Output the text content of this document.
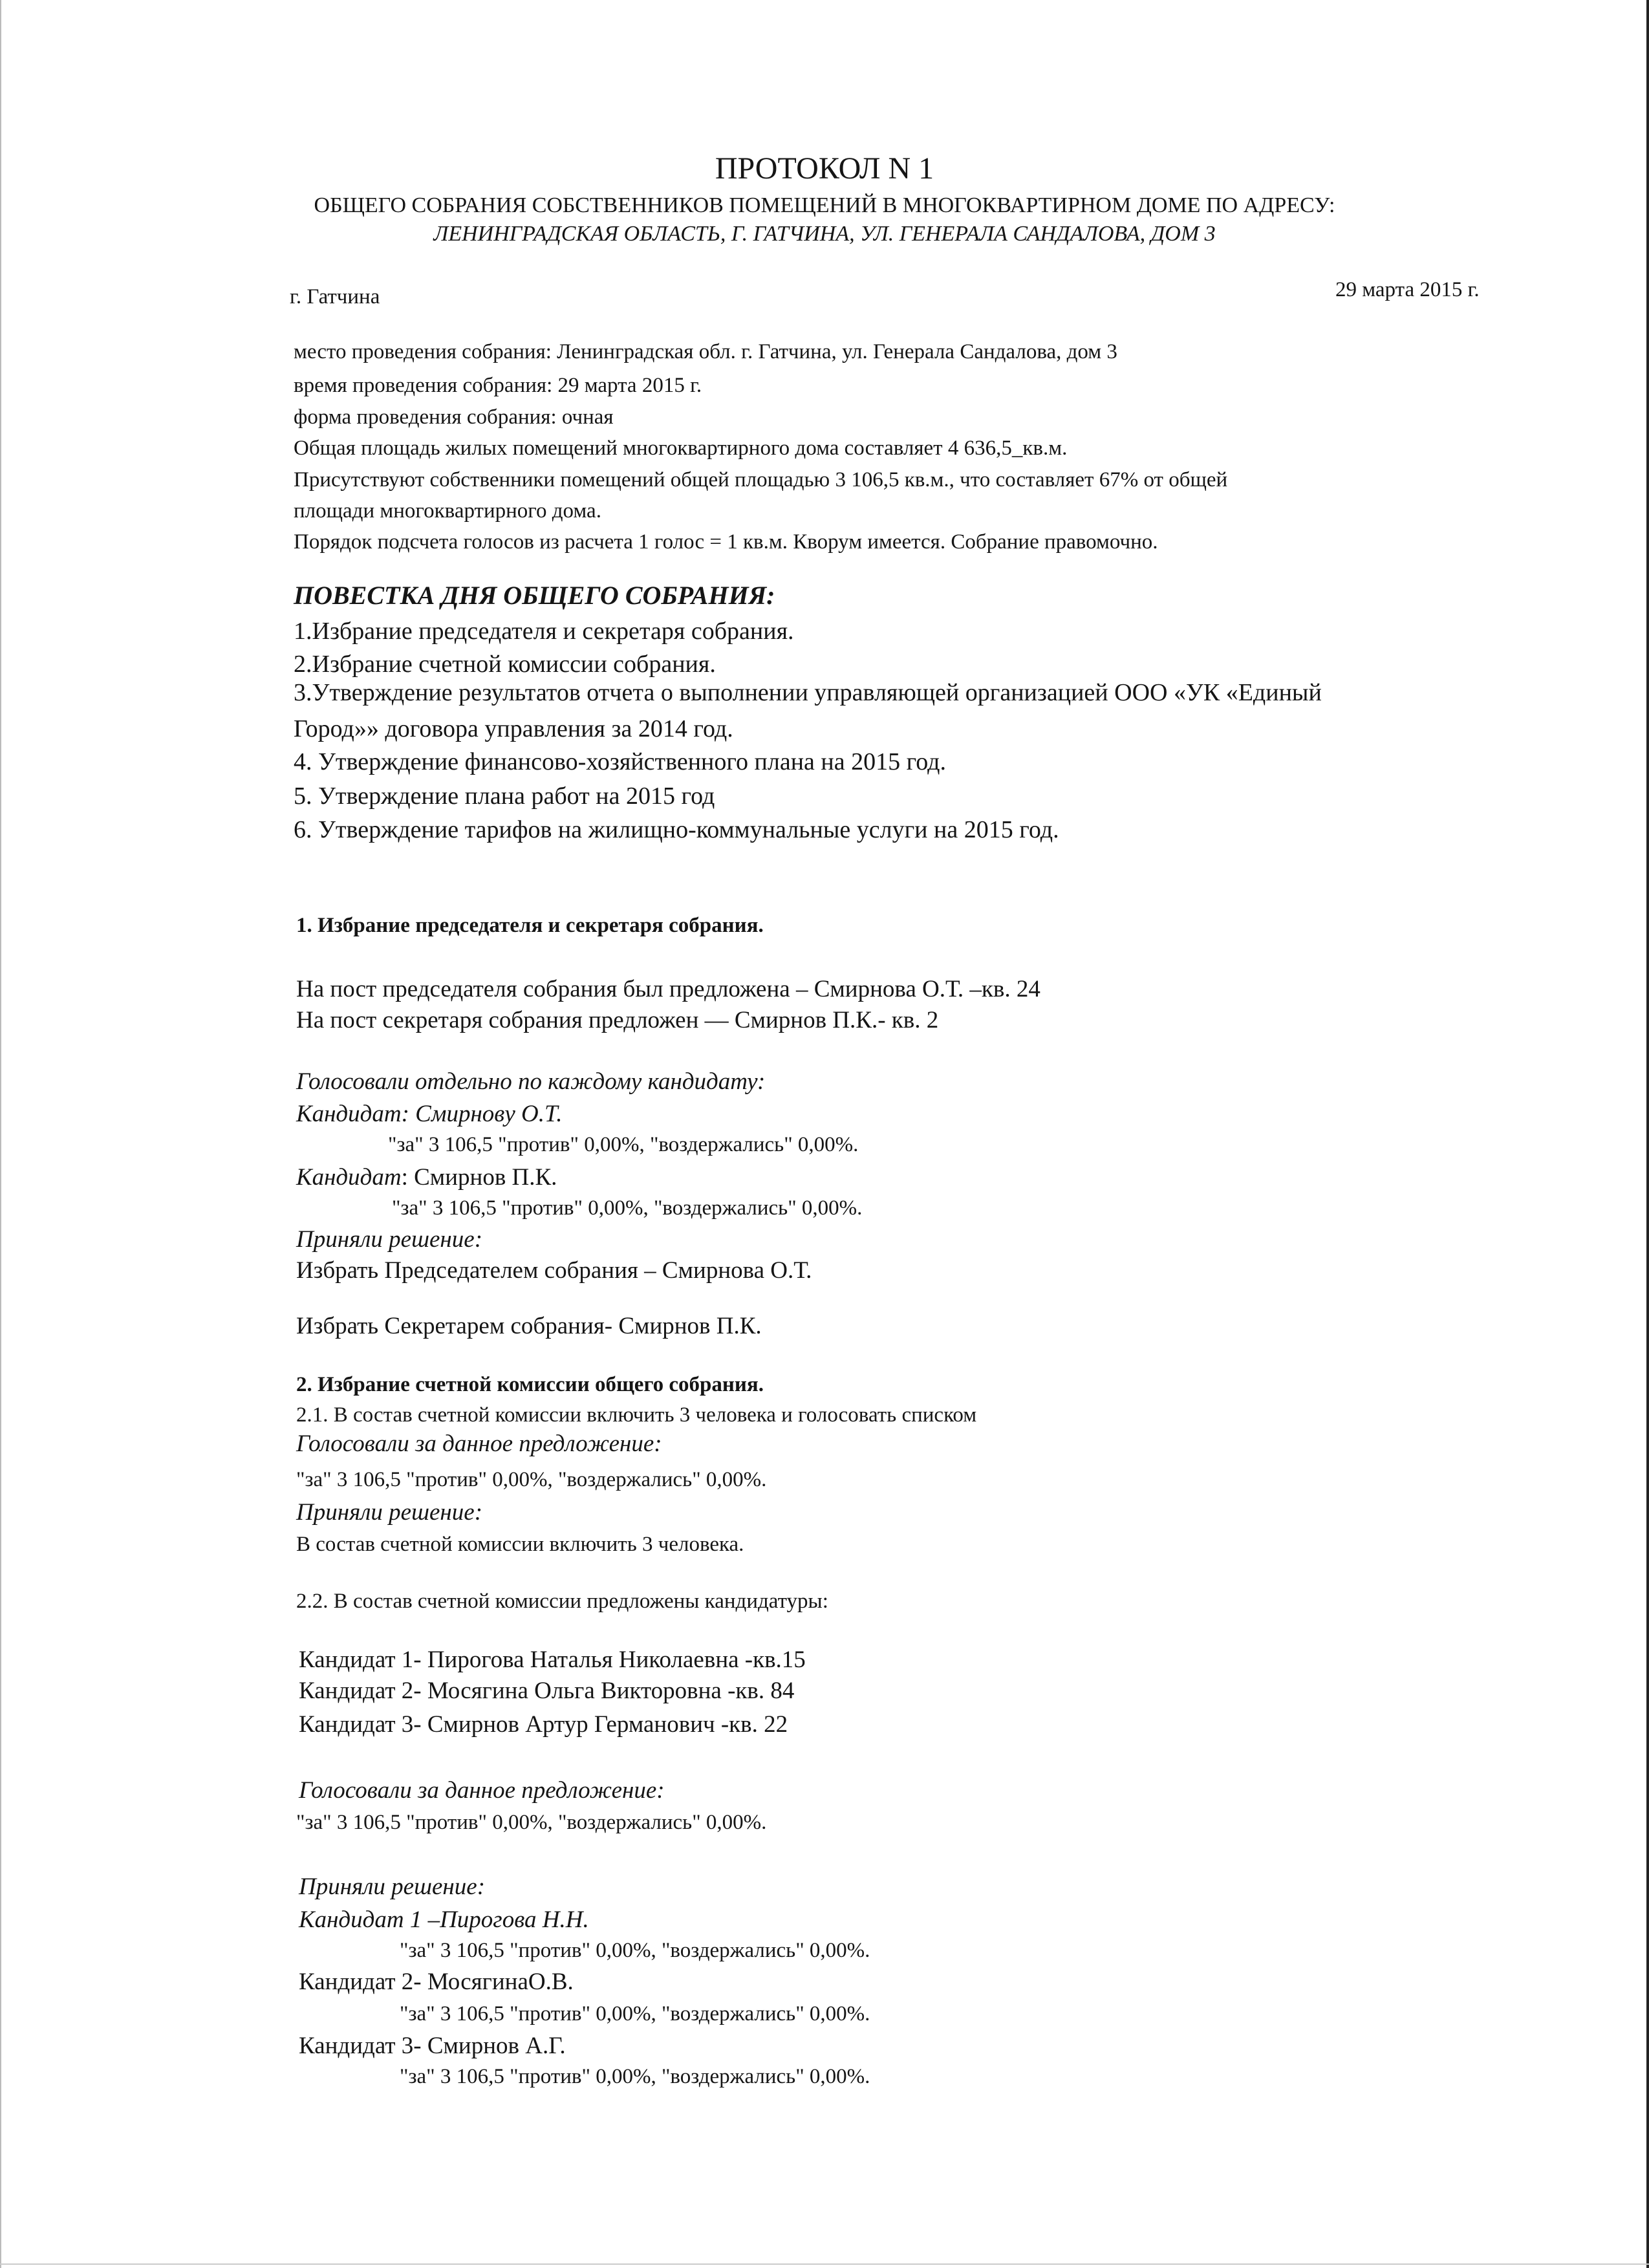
ПРОТОКОЛ N 1

ОБЩЕГО СОБРАНИЯ СОБСТВЕННИКОВ ПОМЕЩЕНИЙ В МНОГОКВАРТИРНОМ ДОМЕ ПО АДРЕСУ:

ЛЕНИНГРАДСКАЯ ОБЛАСТЬ, Г. ГАТЧИНА, УЛ. ГЕНЕРАЛА САНДАЛОВА, ДОМ 3

г. Гатчина	29 марта 2015 г.

место проведения собрания: Ленинградская обл. г. Гатчина, ул. Генерала Сандалова, дом 3

время проведения собрания: 29 марта 2015 г.

форма проведения собрания: очная

Общая площадь жилых помещений многоквартирного дома составляет 4 636,5_кв.м.

Присутствуют собственники помещений общей площадью 3 106,5 кв.м., что составляет 67% от общей

площади многоквартирного дома.

Порядок подсчета голосов из расчета 1 голос = 1 кв.м. Кворум имеется. Собрание правомочно.

ПОВЕСТКА ДНЯ ОБЩЕГО СОБРАНИЯ:

1.Избрание председателя и секретаря собрания.

2.Избрание счетной комиссии собрания.

3.Утверждение результатов отчета о выполнении управляющей организацией ООО «УК «Единый

Город»» договора управления за 2014 год.

4. Утверждение финансово-хозяйственного плана на 2015 год.

5. Утверждение плана работ на 2015 год

6. Утверждение тарифов на жилищно-коммунальные услуги на 2015 год.

1. Избрание председателя и секретаря собрания.

На пост председателя собрания был предложена – Смирнова О.Т. –кв. 24

На пост секретаря собрания предложен — Смирнов П.К.- кв. 2

Голосовали отдельно по каждому кандидату:

Кандидат: Смирнову О.Т.

"за" 3 106,5 "против" 0,00%, "воздержались" 0,00%.

Кандидат: Смирнов П.К.

"за" 3 106,5 "против" 0,00%, "воздержались" 0,00%.

Приняли решение:

Избрать Председателем собрания – Смирнова О.Т.

Избрать Секретарем собрания- Смирнов П.К.

2. Избрание счетной комиссии общего собрания.

2.1. В состав счетной комиссии включить 3 человека и голосовать списком

Голосовали за данное предложение:

"за" 3 106,5 "против" 0,00%, "воздержались" 0,00%.

Приняли решение:

В состав счетной комиссии включить 3 человека.

2.2. В состав счетной комиссии предложены кандидатуры:

Кандидат 1- Пирогова Наталья Николаевна -кв.15

Кандидат 2- Мосягина Ольга Викторовна -кв. 84

Кандидат 3- Смирнов Артур Германович -кв. 22

Голосовали за данное предложение:

"за" 3 106,5 "против" 0,00%, "воздержались" 0,00%.

Приняли решение:

Кандидат 1 –Пирогова Н.Н.

"за" 3 106,5 "против" 0,00%, "воздержались" 0,00%.

Кандидат 2- МосягинаО.В.

"за" 3 106,5 "против" 0,00%, "воздержались" 0,00%.

Кандидат 3- Смирнов А.Г.

"за" 3 106,5 "против" 0,00%, "воздержались" 0,00%.
